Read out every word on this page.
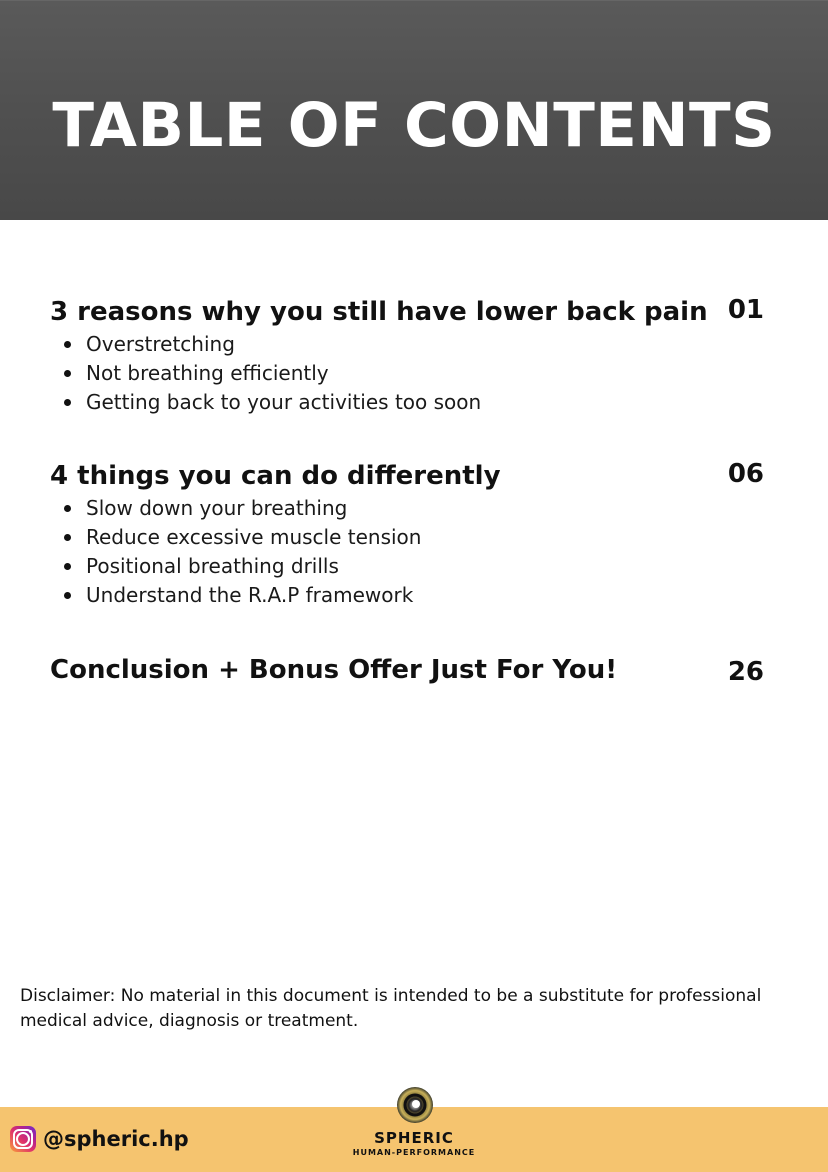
TABLE OF CONTENTS
3 reasons why you still have lower back pain 01
Overstretching
Not breathing efficiently
Getting back to your activities too soon
4 things you can do differently	06
Slow down your breathing
Reduce excessive muscle tension
Positional breathing drills
Understand the R.A.P framework
Conclusion + Bonus Offer Just For You!	26

Disclaimer: No material in this document is intended to be a substitute for professional medical advice, diagnosis or treatment.

@spheric.hp	SPHERIC
HUMAN-PERFORMANCE
